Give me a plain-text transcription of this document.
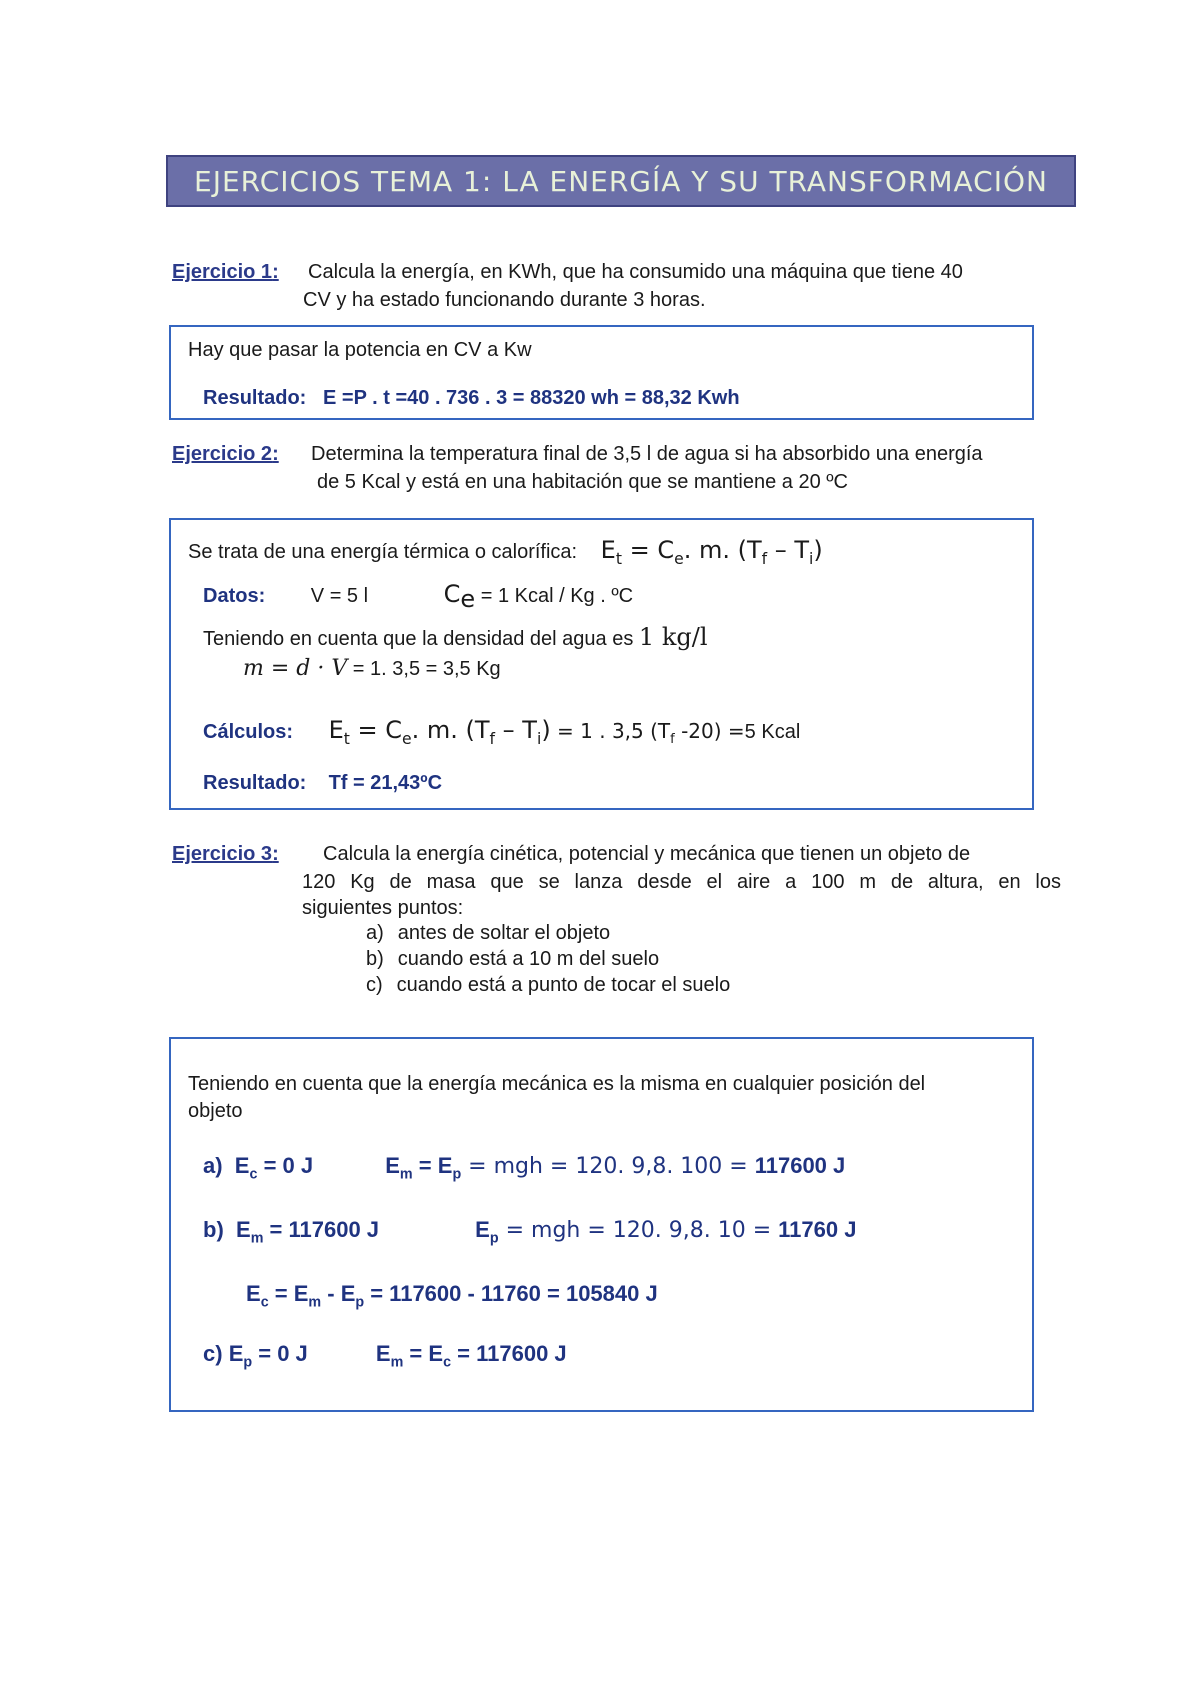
EJERCICIOS TEMA 1: LA ENERGÍA Y SU TRANSFORMACIÓN
Ejercicio 1: Calcula la energía, en KWh, que ha consumido una máquina que tiene 40
CV y ha estado funcionando durante 3 horas.
Hay que pasar la potencia en CV a Kw
Resultado: E =P . t =40 . 736 . 3 = 88320 wh = 88,32 Kwh
Ejercicio 2: Determina la temperatura final de 3,5 l de agua si ha absorbido una energía
de 5 Kcal y está en una habitación que se mantiene a 20 ºC
Se trata de una energía térmica o calorífica: $E_t = C_e$. m. $(T_f - T_i)$
Datos: V = 5 l	$C_e = 1$ Kcal / Kg . ºC
Teniendo en cuenta que la densidad del agua es 1 kg/l
m = d · V = 1. 3,5 = 3,5 Kg
Cálculos: $E_t = C_e$. m. $(T_f - T_i) = 1$ . 3,5 ($T_f$ -20) =5 Kcal
Resultado: Tf = 21,43ºC
Ejercicio 3: Calcula la energía cinética, potencial y mecánica que tienen un objeto de
120 Kg de masa que se lanza desde el aire a 100 m de altura, en los
siguientes puntos:
a) antes de soltar el objeto
b) cuando está a 10 m del suelo
c) cuando está a punto de tocar el suelo
Teniendo en cuenta que la energía mecánica es la misma en cualquier posición del
objeto
a) $E_c = 0$ J	$E_m = E_p$ = mgh = 120. 9,8. 100 = 117600 J
b) $E_m = 117600$ J	$E_p$ = mgh = 120. 9,8. 10 = 11760 J
$E_c = E_m - E_p = 117600 - 11760 = 105840$ J
c) $E_p = 0$ J	$E_m = E_c = 117600$ J
